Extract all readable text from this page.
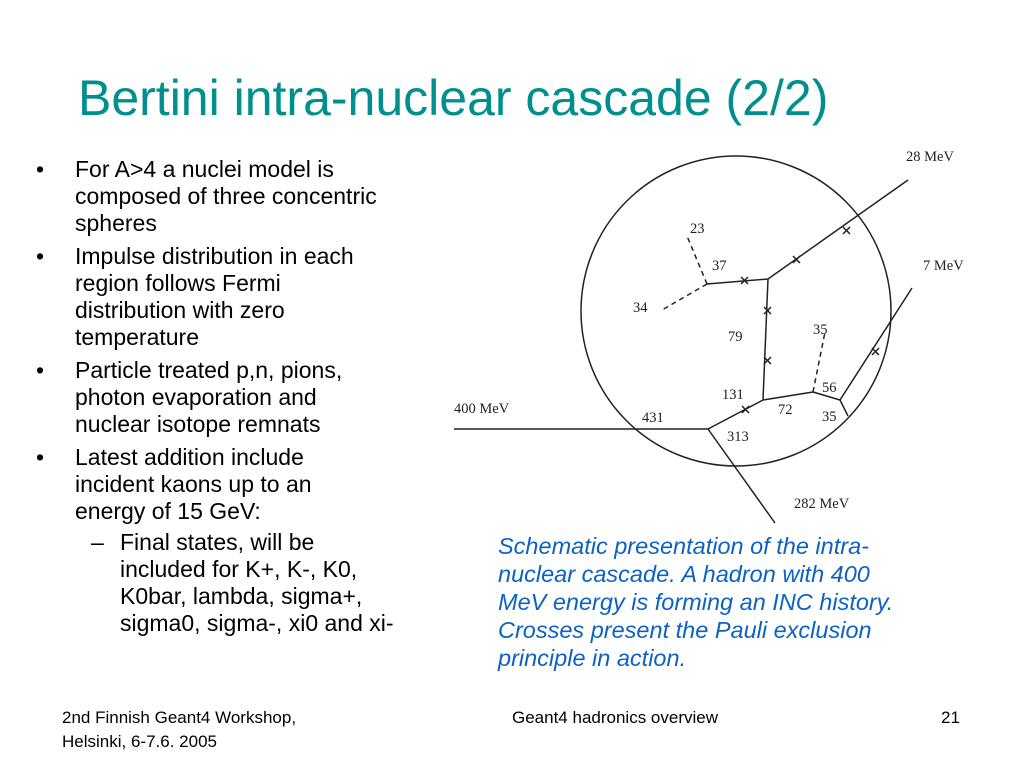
Bertini intra-nuclear cascade (2/2)
• For A>4 a nuclei model is
composed of three concentric
spheres
• Impulse distribution in each
region follows Fermi
distribution with zero
temperature
• Particle treated p,n, pions,
photon evaporation and
nuclear isotope remnats
• Latest addition include
incident kaons up to an
energy of 15 GeV:
– Final states, will be
included for K+, K-, K0,
K0bar, lambda, sigma+,
sigma0, sigma-, xi0 and xi-
28 MeV
7 MeV
400 MeV
282 MeV
23
37
34
79	35
56
35
131
72
431
313
Schematic presentation of the intra-
nuclear cascade. A hadron with 400
MeV energy is forming an INC history.
Crosses present the Pauli exclusion
principle in action.
2nd Finnish Geant4 Workshop,
Helsinki, 6-7.6. 2005
Geant4 hadronics overview	21
